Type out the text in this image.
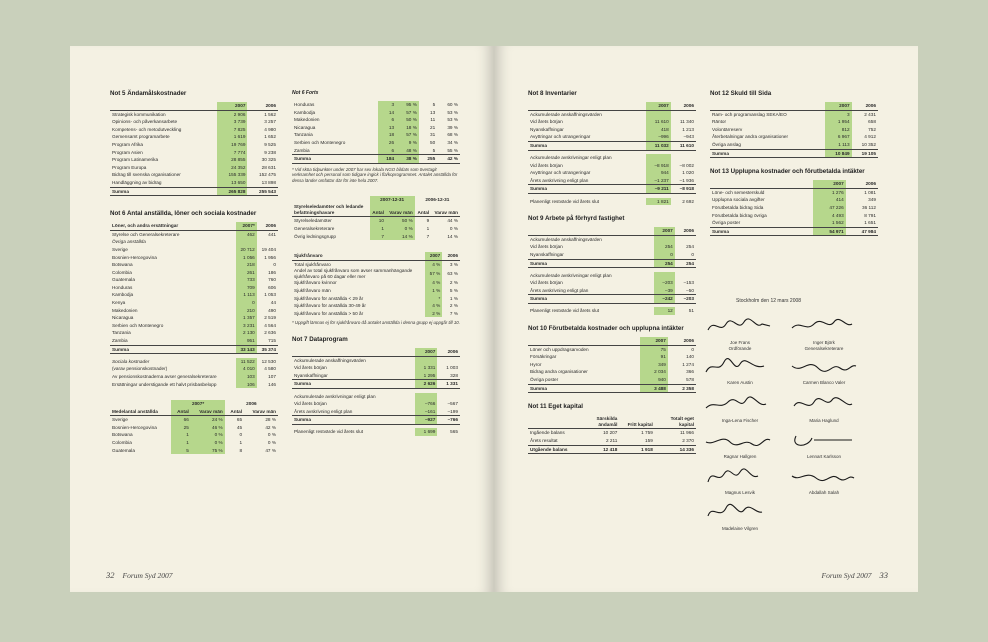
Not 5 Ändamålskostnader
	2007	2006
Strategisk kommunikation	2 906	1 562
Opinions- och påverkansarbete	3 739	3 257
Kompetens- och metodutveckling	7 825	4 980
Gemensamt programarbete	1 619	1 652
Program Afrika	19 769	9 525
Program Asien	7 774	9 238
Program Latinamerika	28 855	30 325
Program Europa	24 352	28 631
Bidrag till svenska organisationer	155 339	152 475
Handläggning av bidrag	13 650	13 898
Summa	265 828	255 543
Not 6 Antal anställda, löner och sociala kostnader
Löner, och andra ersättningar	2007*	2006
Styrelse och Generalsekreterare	462	441
Övriga anställda		
Sverige	20 712	19 404
Bosnien-Hercegovina	1 056	1 956
Botswana	218	0
Colombia	261	186
Guatemala	733	760
Honduras	709	606
Kambodja	1 113	1 053
Kenya	0	44
Makedonien	210	490
Nicaragua	1 357	2 519
Serbien och Montenegro	3 231	4 564
Tanzania	2 130	2 636
Zambia	951	715
Summa	33 143	35 374

Sociala kostnader	11 522	12 530
(varav pensionskostnader)	4 010	4 580
Av pensionskostnaderna avser generalsekreterare	103	107
Ersättningar understigande ett halvt prisbasbelopp	106	146
	2007*		2006	
Medelantal anställda	Antal	Varav män	Antal	Varav män
Sverige	66	24 %	65	28 %
Bosnien-Hercegovina	25	46 %	45	42 %
Botswana	1	0 %	0	0 %
Colombia	1	0 %	1	0 %
Guatemala	5	75 %	8	47 %
Not 6 Forts
Honduras	3	95 %	5	60 %
Kambodja	14	57 %	13	53 %
Makedonien	6	50 %	11	53 %
Nicaragua	13	18 %	21	39 %
Tanzania	18	57 %	31	68 %
Serbien och Montenegro	26	9 %	50	34 %
Zambia	6	48 %	5	55 %
Summa	184	38 %	255	42 %
* Vid sköa tidpunkter under 2007 har sex lokala NGO bildats som övertagit verksamhet och personal som tidigare ingick i fla/koprogrammet. Antalet anställda för dessa länder omfattar där för inte hela 2007.
	2007-12-31		2006-12-31	
Styrelseledamöter och ledande befattningshavare	Antal	Varav män	Antal	Varav män
Styrelseledamöter	10	50 %	9	44 %
Generalsekreterare	1	0 %	1	0 %
Övrig ledningsgrupp	7	14 %	7	14 %
Sjukfrånvaro	2007	2006
Total sjukfrånvaro	4 %	3 %
Andel av total sjukfrånvaro som avser sammanhängande sjukfrånvaro på 60 dagar eller mer	57 %	63 %
Sjukfrånvaro kvinnor	4 %	2 %
Sjukfrånvaro män	1 %	5 %
Sjukfrånvaro för anställda < 29 år	*	1 %
Sjukfrånvaro för anställda 30-49 år	4 %	2 %
Sjukfrånvaro för anställda > 50 år	2 %	7 %
* Uppgift lämnas ej för sjukfrånvaro då antalet anställda i denna grupp ej uppgår till 10.
Not 7 Dataprogram
	2007	2006
Ackumulerade anskaffningsvärden		
Vid årets början	1 331	1 003
Nyanskaffningar	1 295	328
Summa	2 626	1 331

Ackumulerade avskrivningar enligt plan		
Vid årets början	–766	–567
Årets avskrivning enligt plan	–161	–199
Summa	–927	–766

Planenligt restvärde vid årets slut	1 699	565
32 Forum Syd 2007
Not 8 Inventarier
	2007	2006
Ackumulerade anskaffningsvärden		
Vid årets början	11 610	11 340
Nyanskaffningar	418	1 213
Avyttringar och utrangeringar	–996	–943
Summa	11 032	11 610

Ackumulerade avskrivningar enligt plan		
Vid årets början	–8 918	–8 002
Avyttringar och utrangeringar	944	1 020
Årets avskrivning enligt plan	–1 237	–1 936
Summa	–9 211	–8 918

Planenligt restvärde vid årets slut	1 821	2 692
Not 9 Arbete på förhyrd fastighet
	2007	2006
Ackumulerade anskaffningsvärden		
Vid årets början	254	254
Nyanskaffningar	0	0
Summa	254	254

Ackumulerade avskrivningar enligt plan		
Vid årets början	–203	–153
Årets avskrivning enligt plan	–39	–50
Summa	–242	–203

Planenligt restvärde vid årets slut	12	51
Not 10 Förutbetalda kostnader och upplupna intäkter
	2007	2006
Löner och uppdragsarvoden	75	0
Försäkringar	91	140
Hyror	349	1 274
Bidrag andra organisationer	2 034	366
Övriga poster	940	578
Summa	3 488	2 358
Not 11 Eget kapital
	Särskilda ändamål	Fritt kapital	Totalt eget kapital
Ingående balans	10 207	1 759	11 966
Årets resultat	2 211	159	2 370
Utgående balans	12 418	1 918	14 336
Not 12 Skuld till Sida
	2007	2006
Ram- och programanslag SEKA/EO	3	2 431
Räntor	1 954	658
Volontärreserv	812	752
Återbetalningar andra organisationer	6 967	4 912
Övriga anslag	1 113	10 352
Summa	10 849	19 105
Not 13 Upplupna kostnader och förutbetalda intäkter
	2007	2006
Löne- och semesterskuld	1 276	1 081
Upplupna sociala avgifter	414	349
Förutbetalda bidrag Sida	47 226	36 112
Förutbetalda bidrag övriga	4 493	8 791
Övriga poster	1 562	1 651
Summa	54 971	47 984
Stockholm den 12 mars 2008
Joe Frans
Ordförande
Inger Björk
Generalsekreterare
Karen Austin	Carmen Blanco Valer
Inga-Lena Fischer	Maria Haglund
Ragnar Hallgren	Lennart Karlsson
Magnus Lesvik	Abdallah Salah
Madelaine Vilgren
Forum Syd 2007 33
